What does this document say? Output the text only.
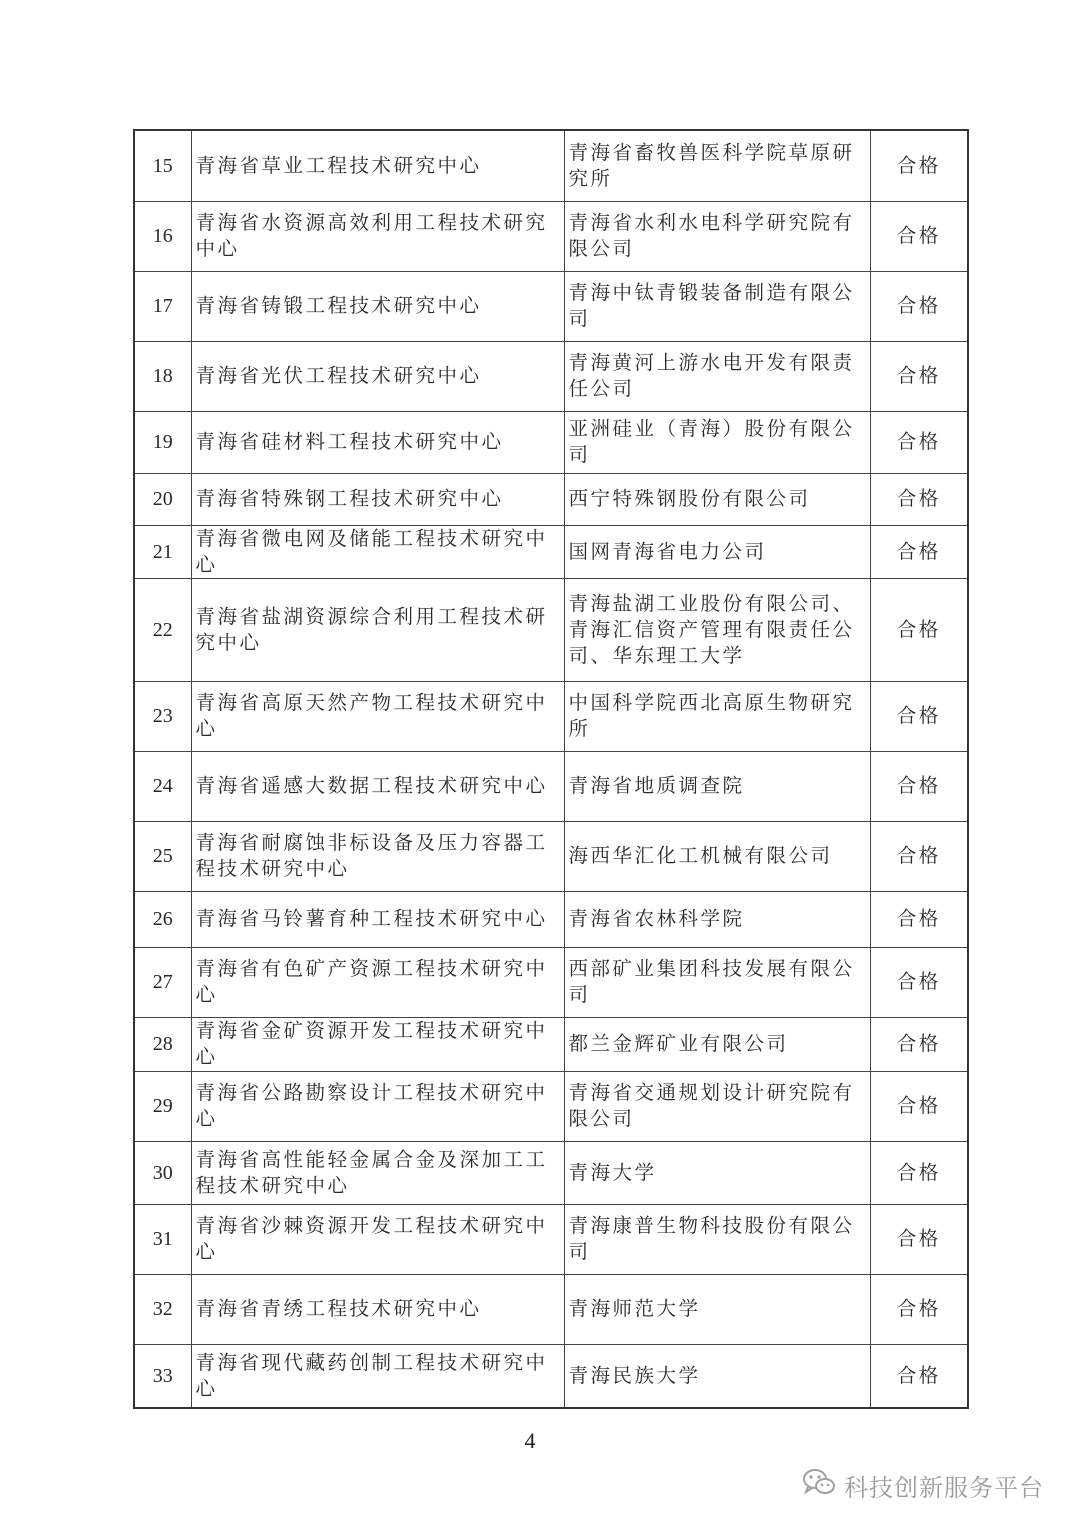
15	青海省草业工程技术研究中心	青海省畜牧兽医科学院草原研究所	合格
16	青海省水资源高效利用工程技术研究中心	青海省水利水电科学研究院有限公司	合格
17	青海省铸锻工程技术研究中心	青海中钛青锻装备制造有限公司	合格
18	青海省光伏工程技术研究中心	青海黄河上游水电开发有限责任公司	合格
19	青海省硅材料工程技术研究中心	亚洲硅业（青海）股份有限公司	合格
20	青海省特殊钢工程技术研究中心	西宁特殊钢股份有限公司	合格
21	青海省微电网及储能工程技术研究中心	国网青海省电力公司	合格
22	青海省盐湖资源综合利用工程技术研究中心	青海盐湖工业股份有限公司、青海汇信资产管理有限责任公司、华东理工大学	合格
23	青海省高原天然产物工程技术研究中心	中国科学院西北高原生物研究所	合格
24	青海省遥感大数据工程技术研究中心	青海省地质调查院	合格
25	青海省耐腐蚀非标设备及压力容器工程技术研究中心	海西华汇化工机械有限公司	合格
26	青海省马铃薯育种工程技术研究中心	青海省农林科学院	合格
27	青海省有色矿产资源工程技术研究中心	西部矿业集团科技发展有限公司	合格
28	青海省金矿资源开发工程技术研究中心	都兰金辉矿业有限公司	合格
29	青海省公路勘察设计工程技术研究中心	青海省交通规划设计研究院有限公司	合格
30	青海省高性能轻金属合金及深加工工程技术研究中心	青海大学	合格
31	青海省沙棘资源开发工程技术研究中心	青海康普生物科技股份有限公司	合格
32	青海省青绣工程技术研究中心	青海师范大学	合格
33	青海省现代藏药创制工程技术研究中心	青海民族大学	合格
4
科技创新服务平台
